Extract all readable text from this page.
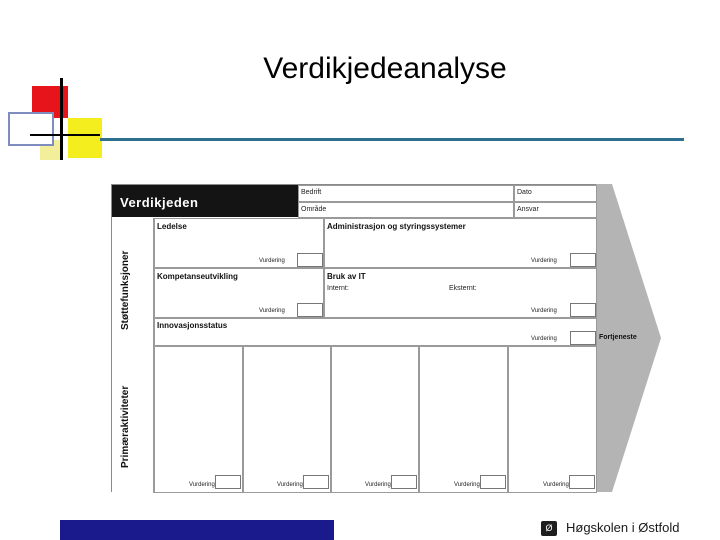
Verdikjedeanalyse
Verdikjeden
Bedrift	Dato
Område	Ansvar
Støttefunksjoner
Ledelse
Vurdering
Administrasjon og styringssystemer
Vurdering
Kompetanseutvikling
Vurdering
Bruk av IT
Internt:	Eksternt:
Vurdering
Innovasjonsstatus
Vurdering
Primæraktiviteter
Vurdering	Vurdering	Vurdering	Vurdering	Vurdering
Fortjeneste
Ø	Høgskolen i Østfold
